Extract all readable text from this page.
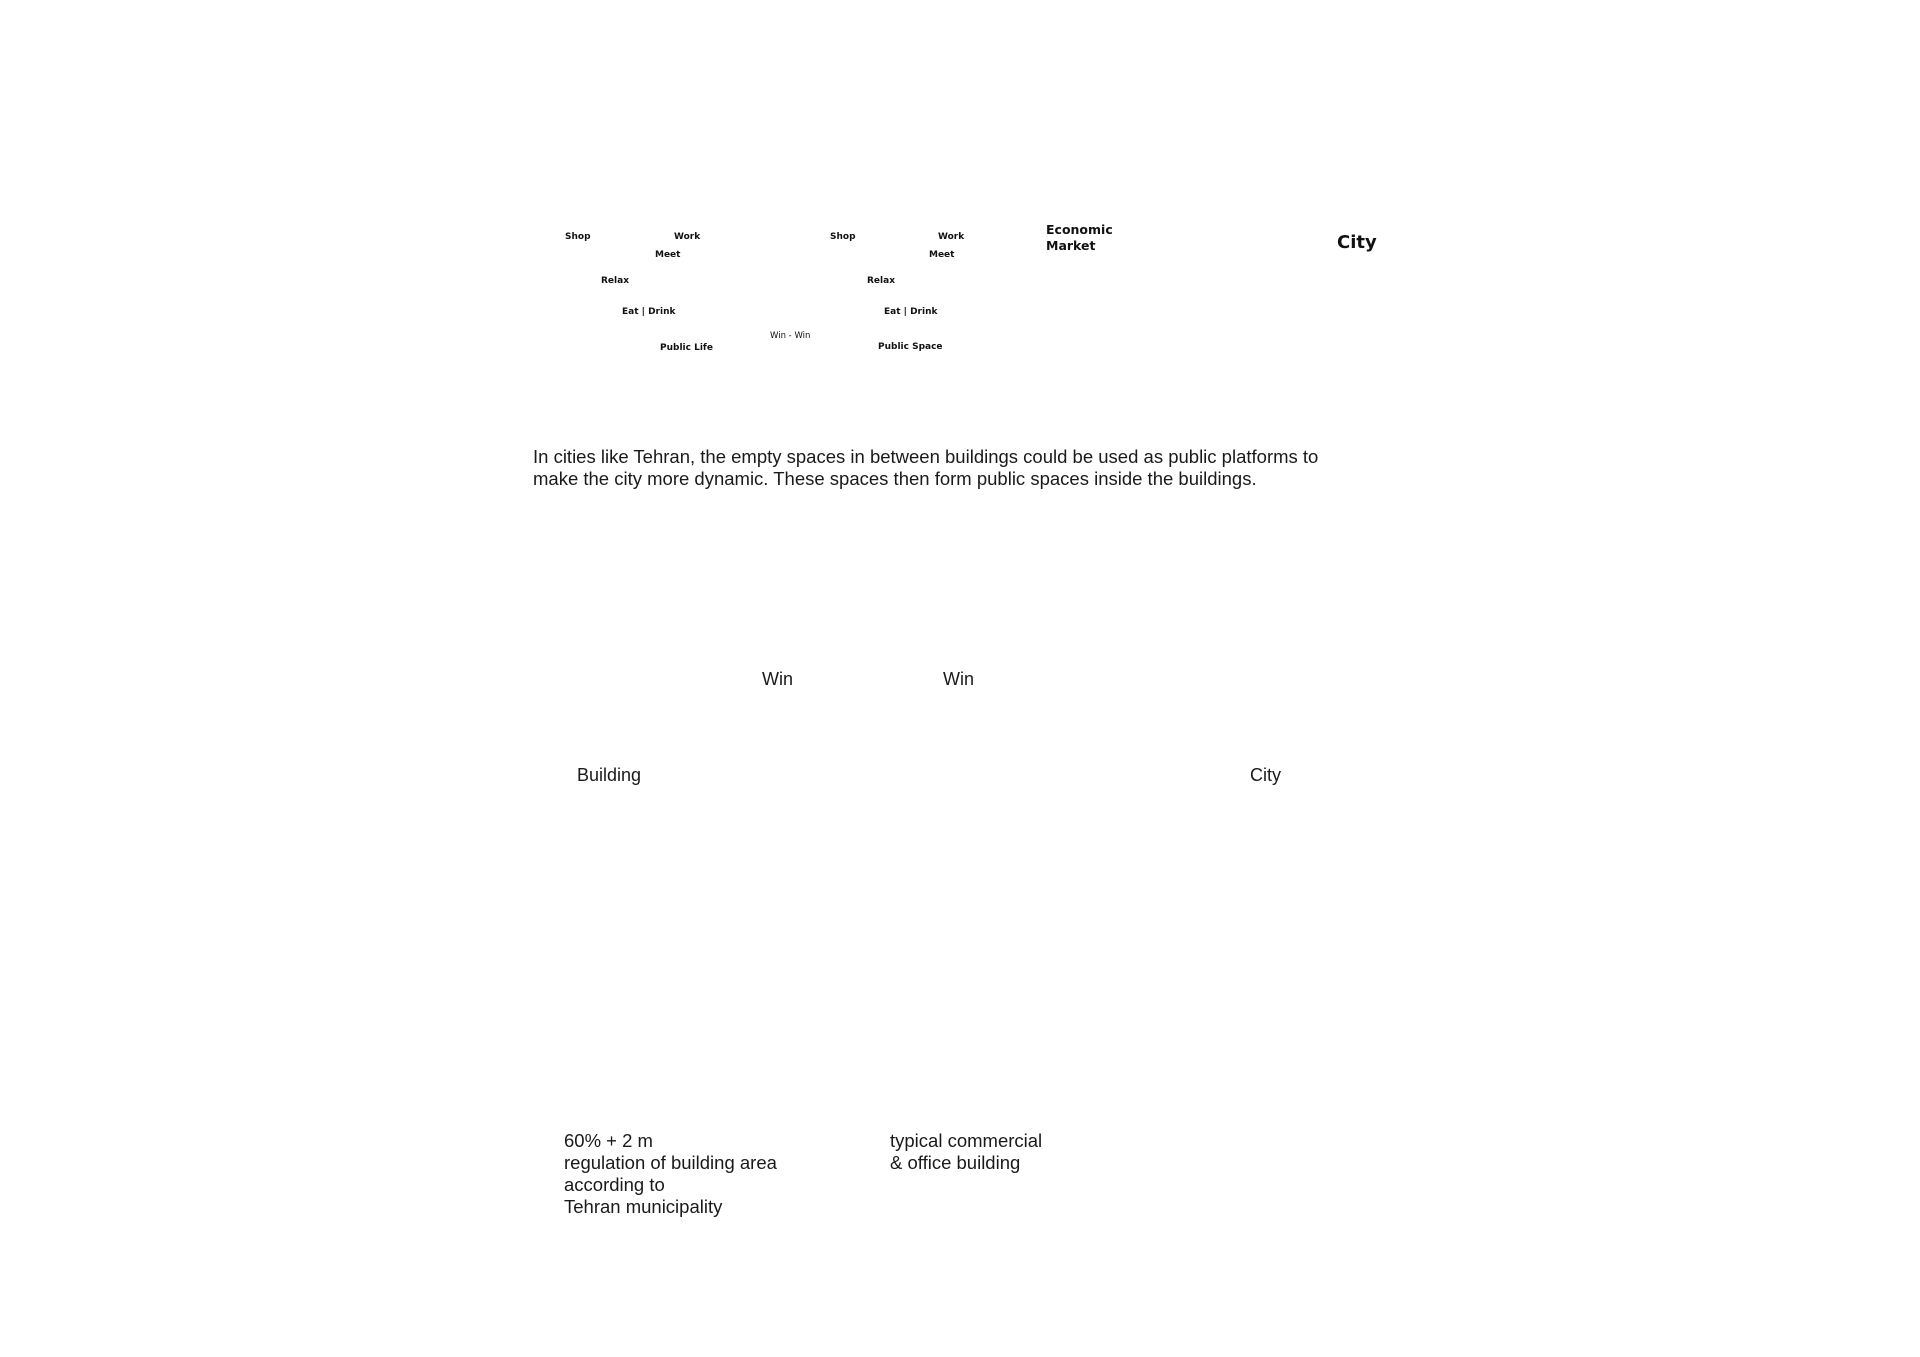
Shop	Work
Meet
Relax
Eat | Drink
Shop	Work
Meet
Relax
Eat | Drink
Win - Win
Public Life	Public Space
Economic
Market	City
In cities like Tehran, the empty spaces in between buildings could be used as public platforms to
make the city more dynamic. These spaces then form public spaces inside the buildings.
Building	City
Win	Win
60% + 2 m
regulation of building area
according to
Tehran municipality
typical commercial
& office building
